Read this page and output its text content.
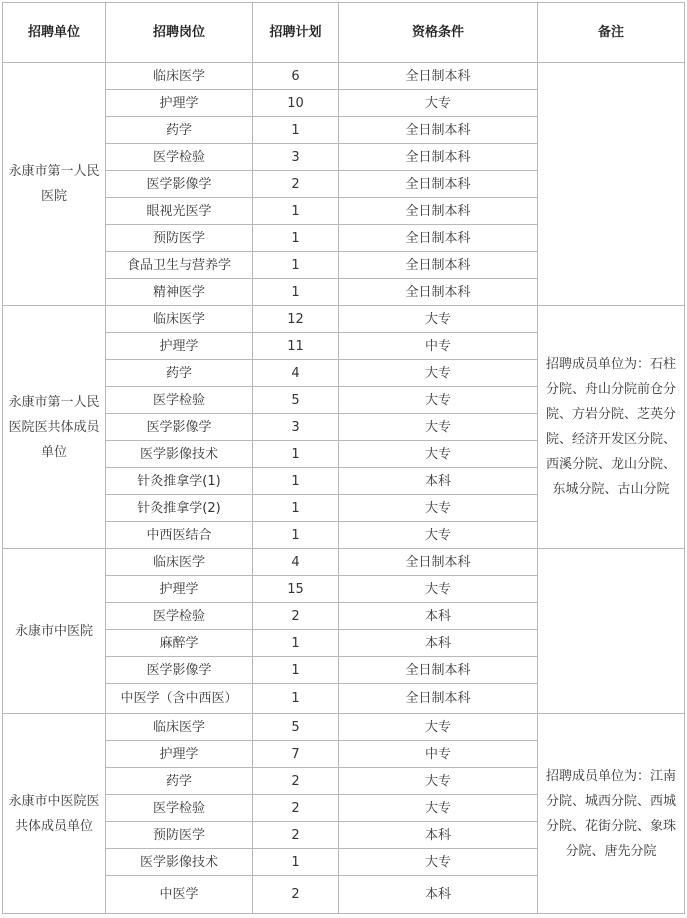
招聘单位	招聘岗位	招聘计划	资格条件	备注
永康市第一人民医院	临床医学	6	全日制本科	
	护理学	10	大专	
	药学	1	全日制本科	
	医学检验	3	全日制本科	
	医学影像学	2	全日制本科	
	眼视光医学	1	全日制本科	
	预防医学	1	全日制本科	
	食品卫生与营养学	1	全日制本科	
	精神医学	1	全日制本科	
永康市第一人民医院医共体成员单位	临床医学	12	大专	招聘成员单位为：石柱分院、舟山分院前仓分院、方岩分院、芝英分院、经济开发区分院、西溪分院、龙山分院、东城分院、古山分院
	护理学	11	中专	
	药学	4	大专	
	医学检验	5	大专	
	医学影像学	3	大专	
	医学影像技术	1	大专	
	针灸推拿学(1)	1	本科	
	针灸推拿学(2)	1	大专	
	中西医结合	1	大专	
永康市中医院	临床医学	4	全日制本科	
	护理学	15	大专	
	医学检验	2	本科	
	麻醉学	1	本科	
	医学影像学	1	全日制本科	
	中医学（含中西医）	1	全日制本科	
永康市中医院医共体成员单位	临床医学	5	大专	招聘成员单位为：江南分院、城西分院、西城分院、花街分院、象珠分院、唐先分院
	护理学	7	中专	
	药学	2	大专	
	医学检验	2	大专	
	预防医学	2	本科	
	医学影像技术	1	大专	
	中医学	2	本科	
